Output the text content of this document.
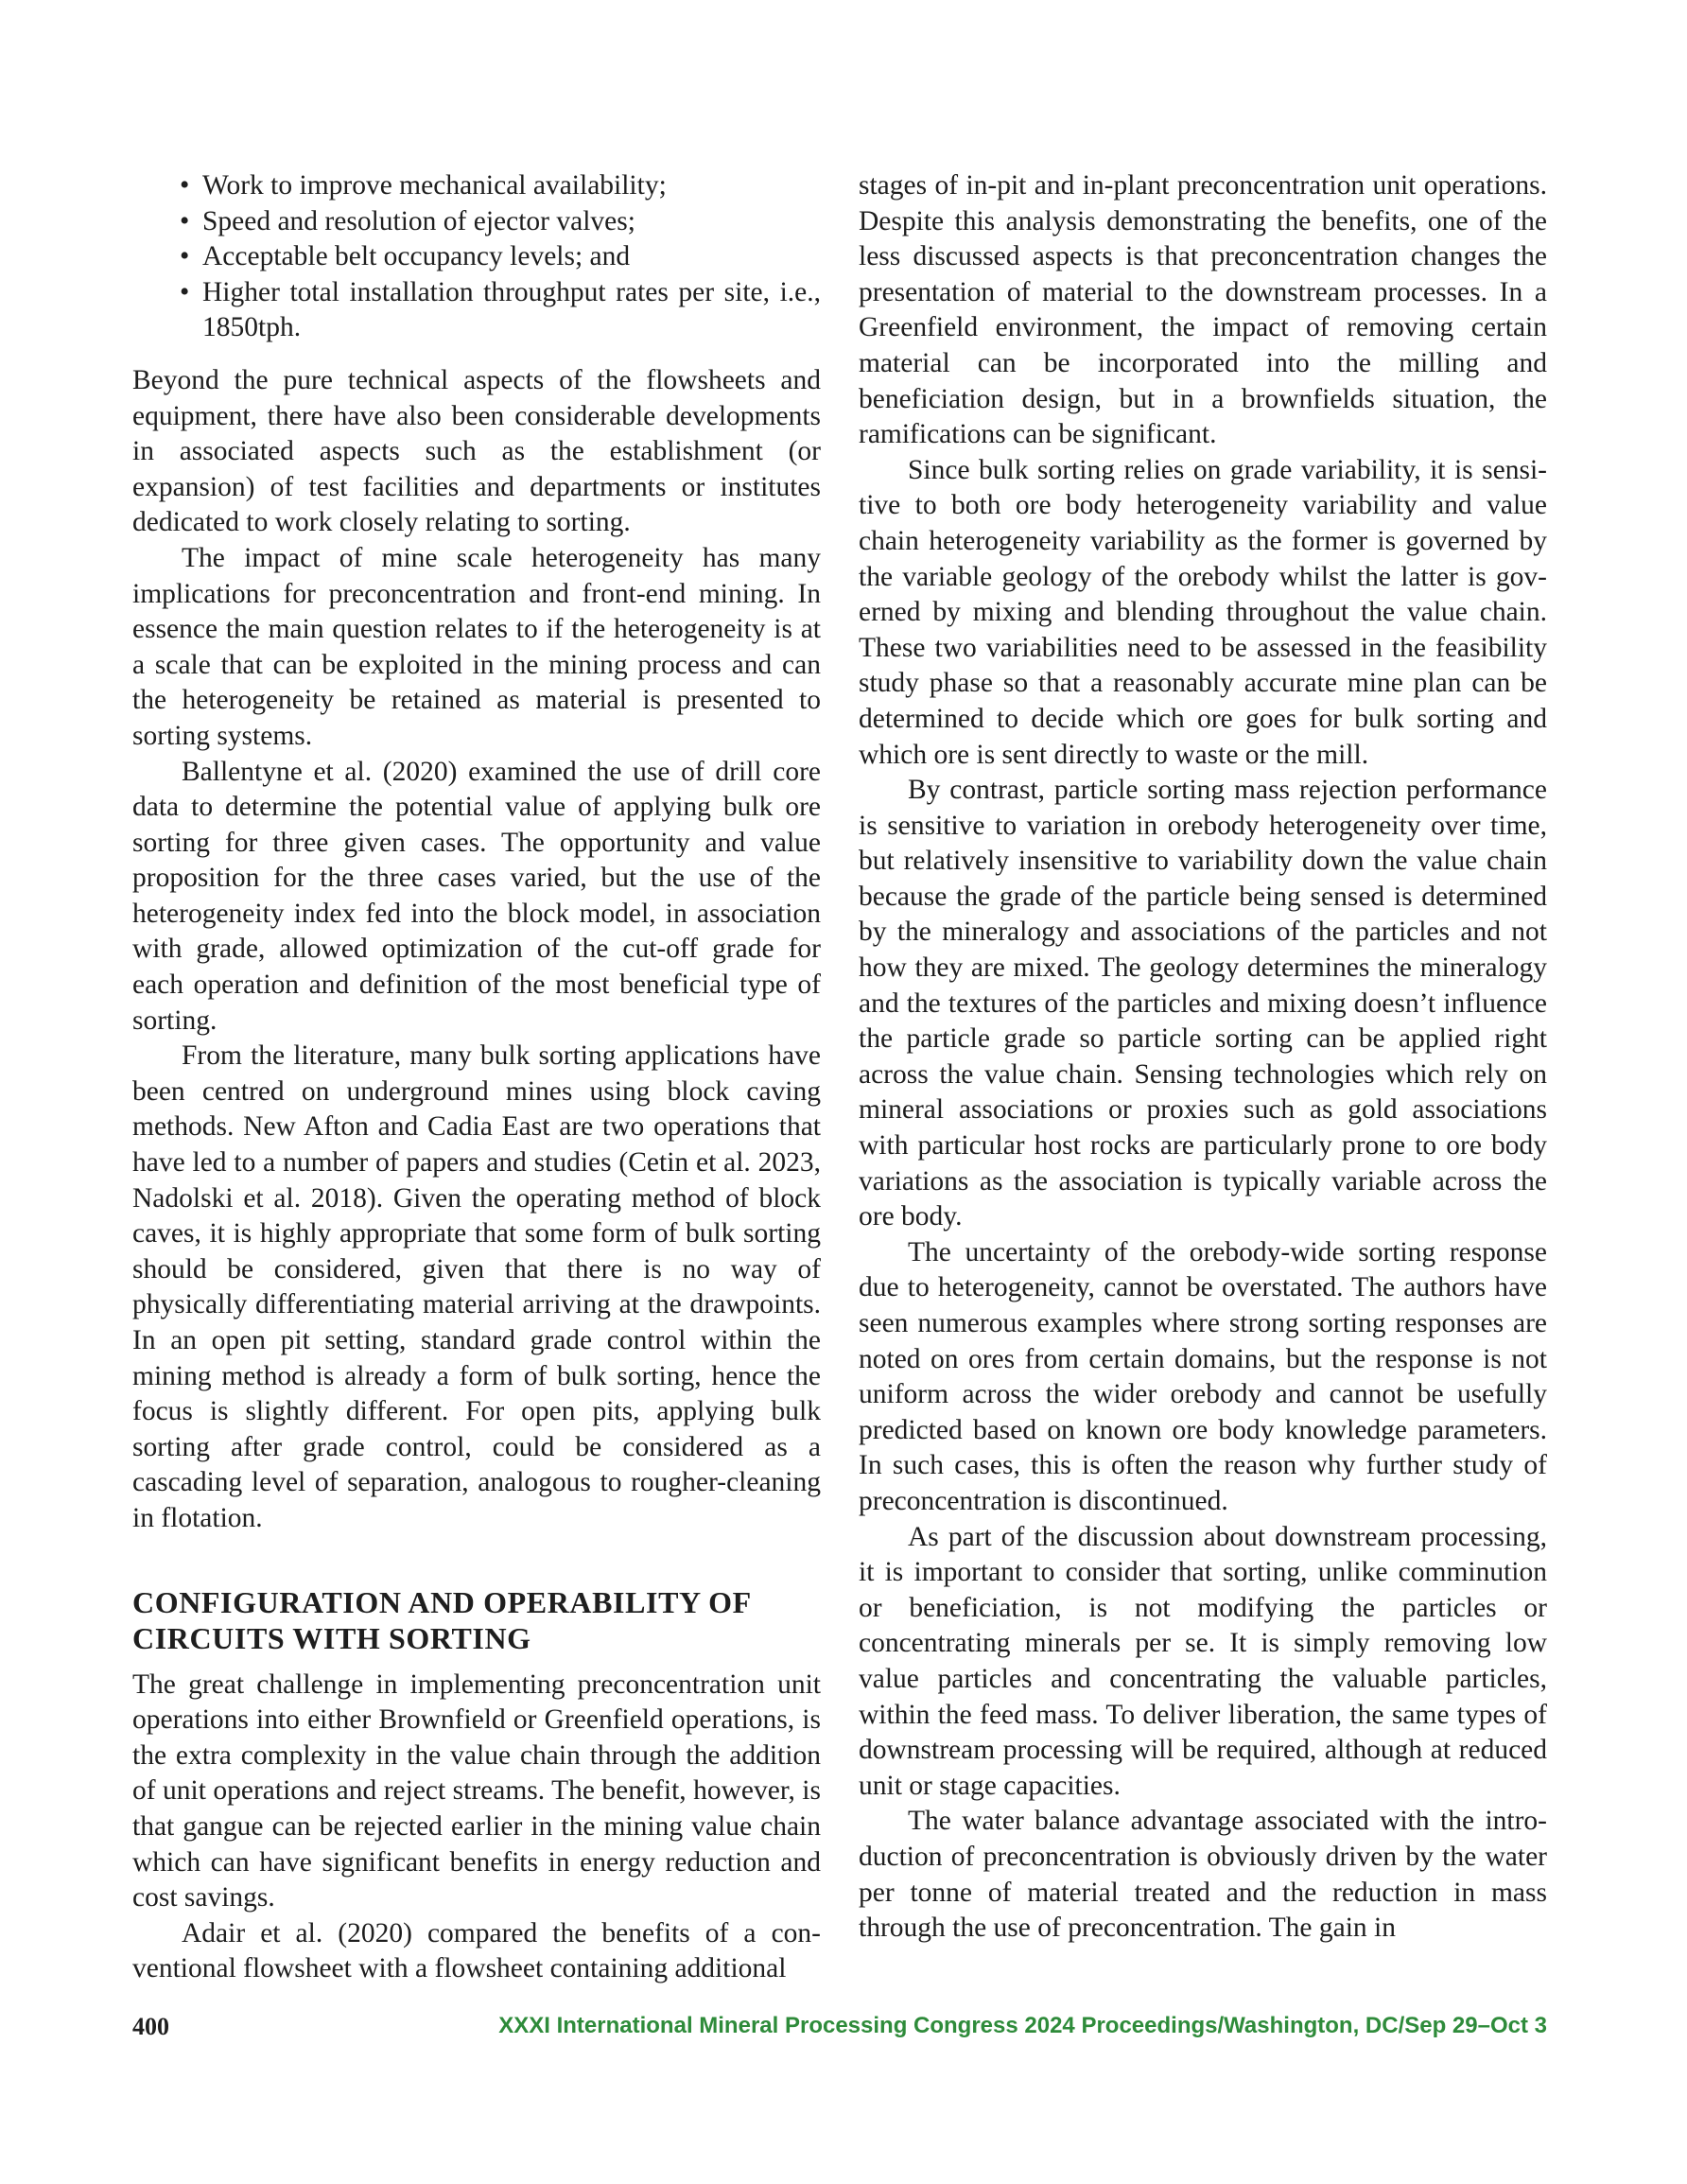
• Work to improve mechanical availability;
• Speed and resolution of ejector valves;
• Acceptable belt occupancy levels; and
• Higher total installation throughput rates per site, i.e., 1850tph.

Beyond the pure technical aspects of the flowsheets and equipment, there have also been considerable developments in associated aspects such as the establishment (or expansion) of test facilities and departments or institutes dedicated to work closely relating to sorting.

The impact of mine scale heterogeneity has many implications for preconcentration and front-end mining. In essence the main question relates to if the heterogeneity is at a scale that can be exploited in the mining process and can the heterogeneity be retained as material is presented to sorting systems.

Ballentyne et al. (2020) examined the use of drill core data to determine the potential value of applying bulk ore sorting for three given cases. The opportunity and value proposition for the three cases varied, but the use of the heterogeneity index fed into the block model, in association with grade, allowed optimization of the cut-off grade for each operation and definition of the most beneficial type of sorting.

From the literature, many bulk sorting applications have been centred on underground mines using block caving methods. New Afton and Cadia East are two operations that have led to a number of papers and studies (Cetin et al. 2023, Nadolski et al. 2018). Given the operating method of block caves, it is highly appropriate that some form of bulk sorting should be considered, given that there is no way of physically differentiating material arriving at the drawpoints. In an open pit setting, standard grade control within the mining method is already a form of bulk sorting, hence the focus is slightly different. For open pits, applying bulk sorting after grade control, could be considered as a cascading level of separation, analogous to rougher-cleaning in flotation.

CONFIGURATION AND OPERABILITY OF CIRCUITS WITH SORTING

The great challenge in implementing preconcentration unit operations into either Brownfield or Greenfield operations, is the extra complexity in the value chain through the addition of unit operations and reject streams. The benefit, however, is that gangue can be rejected earlier in the mining value chain which can have significant benefits in energy reduction and cost savings.

Adair et al. (2020) compared the benefits of a conventional flowsheet with a flowsheet containing additional

stages of in-pit and in-plant preconcentration unit operations. Despite this analysis demonstrating the benefits, one of the less discussed aspects is that preconcentration changes the presentation of material to the downstream processes. In a Greenfield environment, the impact of removing certain material can be incorporated into the milling and beneficiation design, but in a brownfields situation, the ramifications can be significant.

Since bulk sorting relies on grade variability, it is sensitive to both ore body heterogeneity variability and value chain heterogeneity variability as the former is governed by the variable geology of the orebody whilst the latter is governed by mixing and blending throughout the value chain. These two variabilities need to be assessed in the feasibility study phase so that a reasonably accurate mine plan can be determined to decide which ore goes for bulk sorting and which ore is sent directly to waste or the mill.

By contrast, particle sorting mass rejection performance is sensitive to variation in orebody heterogeneity over time, but relatively insensitive to variability down the value chain because the grade of the particle being sensed is determined by the mineralogy and associations of the particles and not how they are mixed. The geology determines the mineralogy and the textures of the particles and mixing doesn’t influence the particle grade so particle sorting can be applied right across the value chain. Sensing technologies which rely on mineral associations or proxies such as gold associations with particular host rocks are particularly prone to ore body variations as the association is typically variable across the ore body.

The uncertainty of the orebody-wide sorting response due to heterogeneity, cannot be overstated. The authors have seen numerous examples where strong sorting responses are noted on ores from certain domains, but the response is not uniform across the wider orebody and cannot be usefully predicted based on known ore body knowledge parameters. In such cases, this is often the reason why further study of preconcentration is discontinued.

As part of the discussion about downstream processing, it is important to consider that sorting, unlike comminution or beneficiation, is not modifying the particles or concentrating minerals per se. It is simply removing low value particles and concentrating the valuable particles, within the feed mass. To deliver liberation, the same types of downstream processing will be required, although at reduced unit or stage capacities.

The water balance advantage associated with the introduction of preconcentration is obviously driven by the water per tonne of material treated and the reduction in mass through the use of preconcentration. The gain in

400	XXXI International Mineral Processing Congress 2024 Proceedings/Washington, DC/Sep 29–Oct 3
